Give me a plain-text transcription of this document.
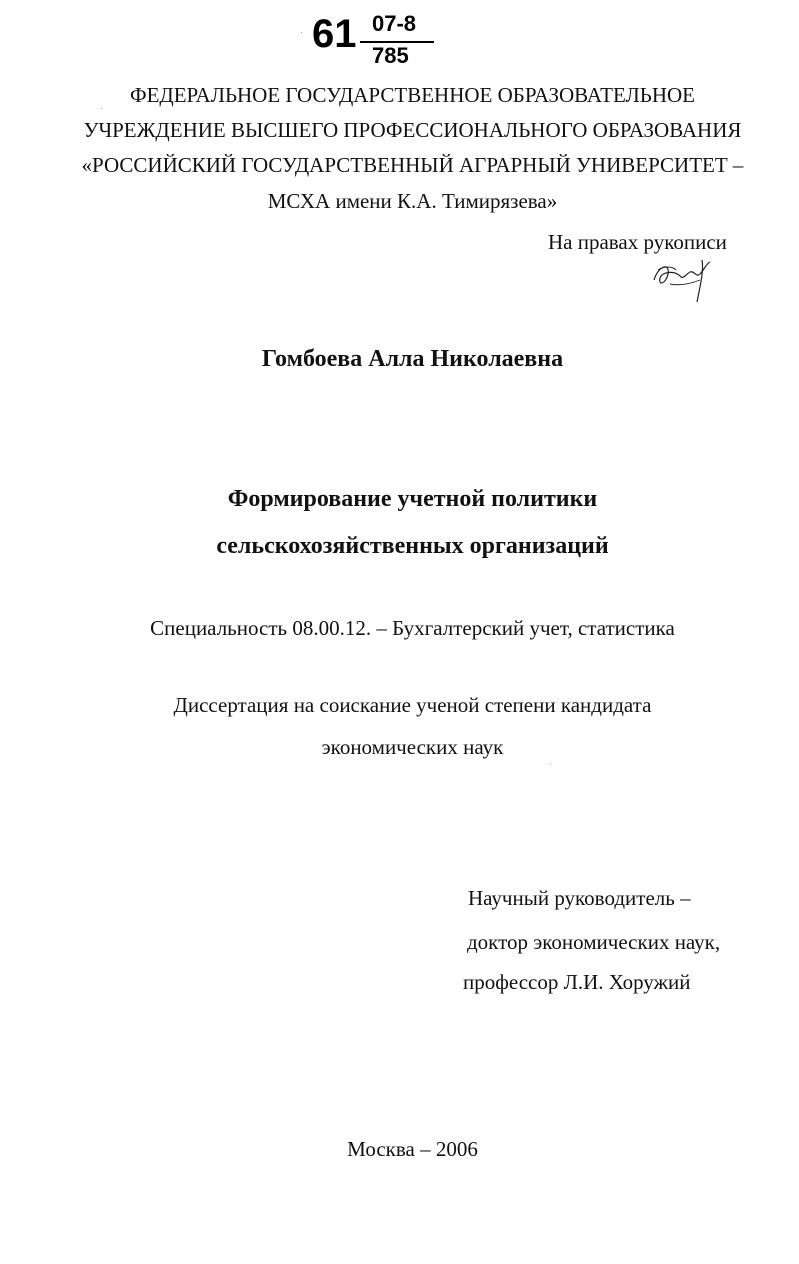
61 07-8
785
ФЕДЕРАЛЬНОЕ ГОСУДАРСТВЕННОЕ ОБРАЗОВАТЕЛЬНОЕ
УЧРЕЖДЕНИЕ ВЫСШЕГО ПРОФЕССИОНАЛЬНОГО ОБРАЗОВАНИЯ
«РОССИЙСКИЙ ГОСУДАРСТВЕННЫЙ АГРАРНЫЙ УНИВЕРСИТЕТ –
МСХА имени К.А. Тимирязева»
На правах рукописи
Гомбоева Алла Николаевна
Формирование учетной политики
сельскохозяйственных организаций
Специальность 08.00.12. – Бухгалтерский учет, статистика
Диссертация на соискание ученой степени кандидата
экономических наук
Научный руководитель –
доктор экономических наук,
профессор Л.И. Хоружий
Москва – 2006
